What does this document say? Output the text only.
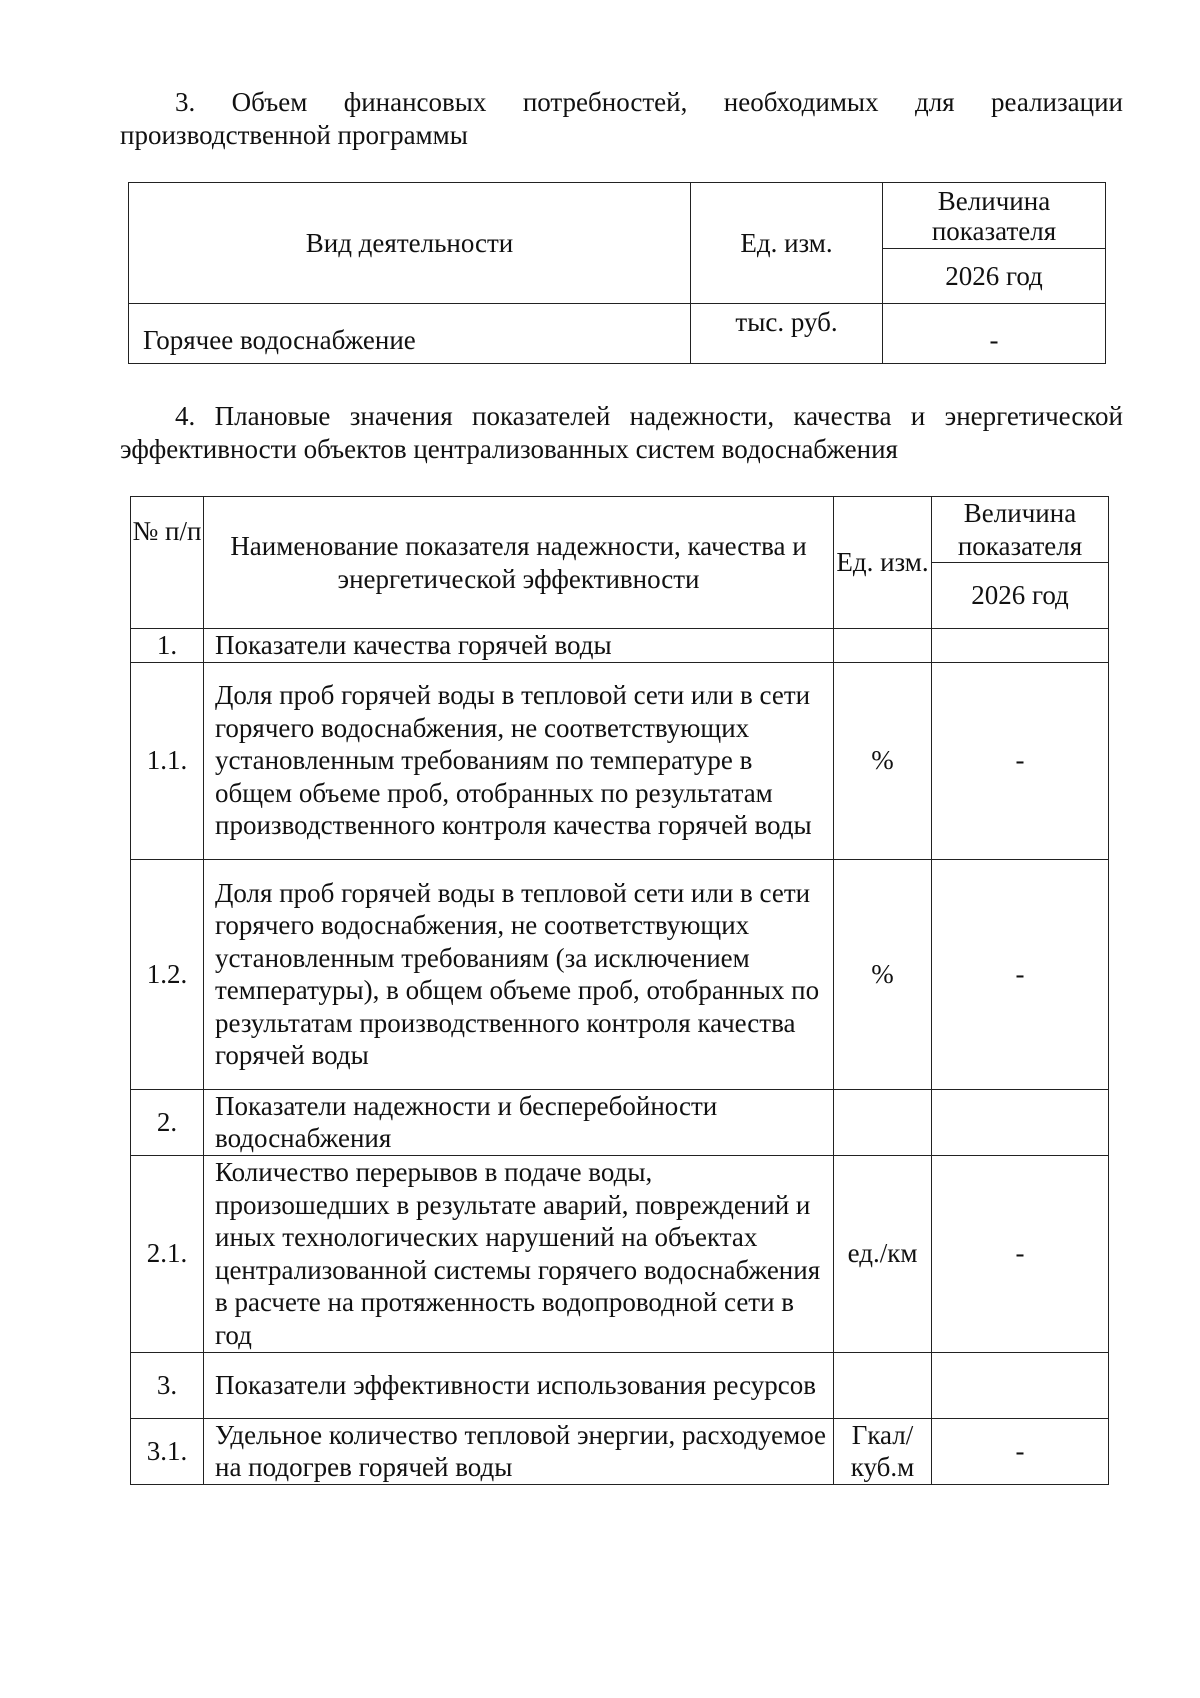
3. Объем финансовых потребностей, необходимых для реализации производственной программы

Вид деятельности	Ед. изм.	Величина показателя
		2026 год
Горячее водоснабжение	тыс. руб.	-

4. Плановые значения показателей надежности, качества и энергетической эффективности объектов централизованных систем водоснабжения

№ п/п	Наименование показателя надежности, качества и энергетической эффективности	Ед. изм.	Величина показателя
			2026 год
1.	Показатели качества горячей воды		
1.1.	Доля проб горячей воды в тепловой сети или в сети горячего водоснабжения, не соответствующих установленным требованиям по температуре в общем объеме проб, отобранных по результатам производственного контроля качества горячей воды	%	-
1.2.	Доля проб горячей воды в тепловой сети или в сети горячего водоснабжения, не соответствующих установленным требованиям (за исключением температуры), в общем объеме проб, отобранных по результатам производственного контроля качества горячей воды	%	-
2.	Показатели надежности и бесперебойности водоснабжения		
2.1.	Количество перерывов в подаче воды, произошедших в результате аварий, повреждений и иных технологических нарушений на объектах централизованной системы горячего водоснабжения в расчете на протяженность водопроводной сети в год	ед./км	-
3.	Показатели эффективности использования ресурсов		
3.1.	Удельное количество тепловой энергии, расходуемое на подогрев горячей воды	Гкал/ куб.м	-
